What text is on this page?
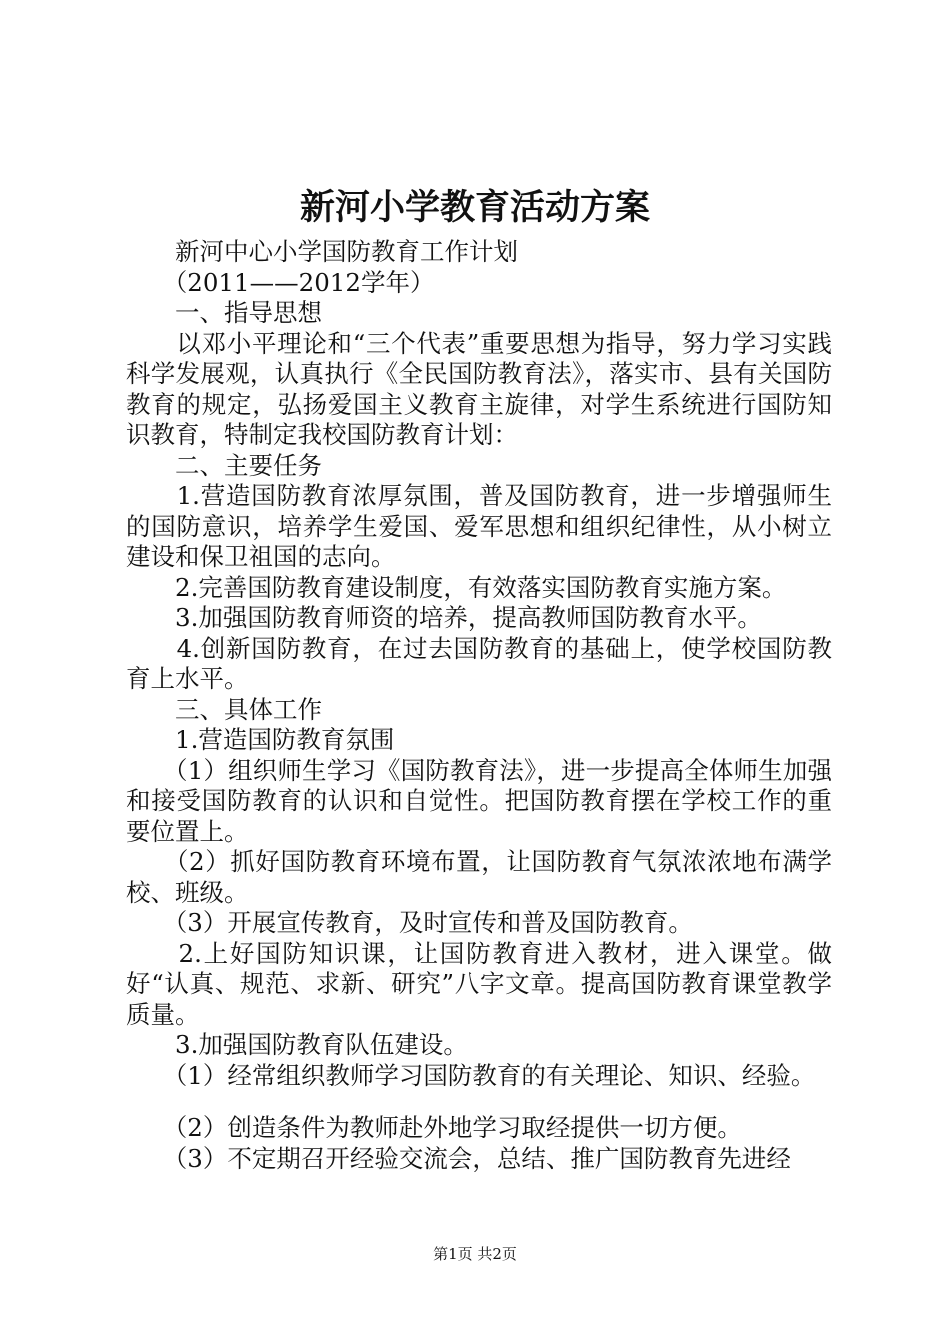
新河小学教育活动方案

　　新河中心小学国防教育工作计划

　　（2011——2012学年）

　　一、指导思想

　　以邓小平理论和“三个代表”重要思想为指导，努力学习实践科学发展观，认真执行《全民国防教育法》，落实市、县有关国防教育的规定，弘扬爱国主义教育主旋律，对学生系统进行国防知识教育，特制定我校国防教育计划：

　　二、主要任务

　　1.营造国防教育浓厚氛围，普及国防教育，进一步增强师生的国防意识，培养学生爱国、爱军思想和组织纪律性，从小树立建设和保卫祖国的志向。

　　2.完善国防教育建设制度，有效落实国防教育实施方案。

　　3.加强国防教育师资的培养，提高教师国防教育水平。

　　4.创新国防教育，在过去国防教育的基础上，使学校国防教育上水平。

　　三、具体工作

　　1.营造国防教育氛围

　　（1）组织师生学习《国防教育法》，进一步提高全体师生加强和接受国防教育的认识和自觉性。把国防教育摆在学校工作的重要位置上。

　　（2）抓好国防教育环境布置，让国防教育气氛浓浓地布满学校、班级。

　　（3）开展宣传教育，及时宣传和普及国防教育。

　　2.上好国防知识课，让国防教育进入教材，进入课堂。做好“认真、规范、求新、研究”八字文章。提高国防教育课堂教学质量。

　　3.加强国防教育队伍建设。

　　（1）经常组织教师学习国防教育的有关理论、知识、经验。

　　（2）创造条件为教师赴外地学习取经提供一切方便。

　　（3）不定期召开经验交流会，总结、推广国防教育先进经

第1页 共2页
